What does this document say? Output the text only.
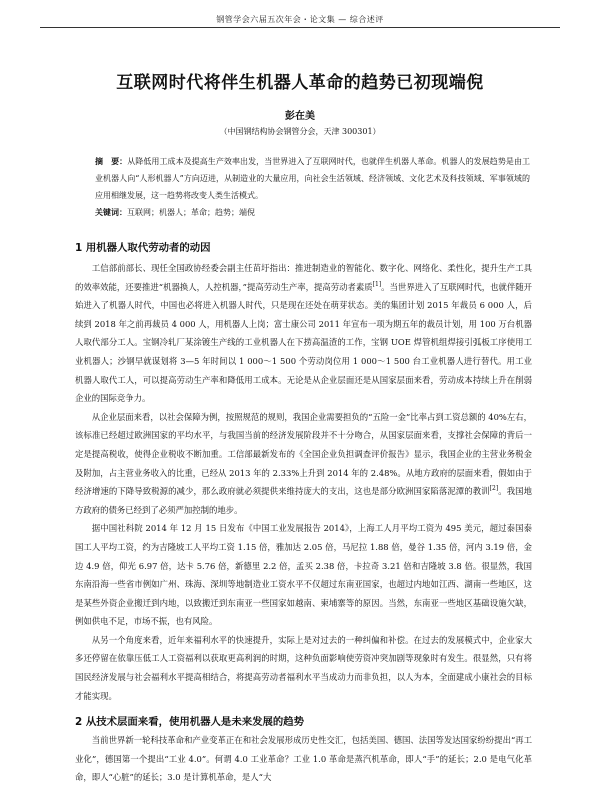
钢管学会六届五次年会・论文集 — 综合述评
互联网时代将伴生机器人革命的趋势已初现端倪
彭在美
（中国钢结构协会钢管分会，天津 300301）

摘　要：从降低用工成本及提高生产效率出发，当世界进入了互联网时代，也就伴生机器人革命。机器人的发展趋势是由工业机器人向“人形机器人”方向迈进，从制造业的大量应用，向社会生活领域、经济领域、文化艺术及科技领域、军事领域的应用相继发展，这一趋势将改变人类生活模式。

关键词：互联网；机器人；革命；趋势；端倪

1 用机器人取代劳动者的动因

工信部前部长、现任全国政协经委会副主任苗圩指出：推进制造业的智能化、数字化、网络化、柔性化，提升生产工具的效率效能，还要推进“机器换人，人控机器，”提高劳动生产率，提高劳动者素质[1]。当世界进入了互联网时代，也就伴随开始进入了机器人时代，中国也必将进入机器人时代，只是现在还处在萌芽状态。美的集团计划 2015 年裁员 6 000 人，后续到 2018 年之前再裁员 4 000 人，用机器人上岗；富士康公司 2011 年宣布一项为期五年的裁员计划，用 100 万台机器人取代部分工人。宝钢冷轧厂某涂镀生产线的工业机器人在下捞高温渣的工作，宝钢 UOE 焊管机组焊接引弧板工序使用工业机器人；沙钢早就谋划将 3—5 年时间以 1 000～1 500 个劳动岗位用 1 000～1 500 台工业机器人进行替代。用工业机器人取代工人，可以提高劳动生产率和降低用工成本。无论是从企业层面还是从国家层面来看，劳动成本持续上升在削弱企业的国际竞争力。

从企业层面来看，以社会保障为例，按照规范的规则，我国企业需要担负的“五险一金”比率占到工资总额的 40%左右，该标准已经超过欧洲国家的平均水平，与我国当前的经济发展阶段并不十分吻合，从国家层面来看，支撑社会保障的背后一定是提高税收，使得企业税收不断加重。工信部最新发布的《全国企业负担调查评价报告》显示，我国企业的主营业务税金及附加，占主营业务收入的比重，已经从 2013 年的 2.33%上升到 2014 年的 2.48%。从地方政府的层面来看，假如由于经济增速的下降导致税源的减少，那么政府就必须提供来维持庞大的支出，这也是部分欧洲国家陷落泥潭的教训[2]。我国地方政府的债务已经到了必须严加控制的地步。

据中国社科院 2014 年 12 月 15 日发布《中国工业发展报告 2014》，上海工人月平均工资为 495 美元，超过泰国泰国工人平均工资，约为吉隆坡工人平均工资 1.15 倍，雅加达 2.05 倍，马尼拉 1.88 倍，曼谷 1.35 倍，河内 3.19 倍，金边 4.9 倍，仰光 6.97 倍，达卡 5.76 倍，新德里 2.2 倍，孟买 2.38 倍，卡拉奇 3.21 倍和吉隆坡 3.8 倍。很显然，我国东南沿海一些省市例如广州、珠海、深圳等地制造业工资水平不仅超过东南亚国家，也超过内地如江西、湖南一些地区，这是某些外资企业搬迁到内地，以致搬迁到东南亚一些国家如越南、柬埔寨等的原因。当然，东南亚一些地区基础设施欠缺，例如供电不足，市场不振，也有风险。

从另一个角度来看，近年来福利水平的快速提升，实际上是对过去的一种纠偏和补偿。在过去的发展模式中，企业家大多还停留在依靠压低工人工资福利以获取更高利润的时期，这种负面影响使劳资冲突加剧等现象时有发生。很显然，只有将国民经济发展与社会福利水平提高相结合，将提高劳动者福利水平当成动力而非负担，以人为本，全面建成小康社会的目标才能实现。

2 从技术层面来看，使用机器人是未来发展的趋势

当前世界新一轮科技革命和产业变革正在和社会发展形成历史性交汇，包括美国、德国、法国等发达国家纷纷提出“再工业化”，德国第一个提出“工业 4.0”。何谓 4.0 工业革命？工业 1.0 革命是蒸汽机革命，即人“手”的延长；2.0 是电气化革命，即人“心脏”的延长；3.0 是计算机革命，是人“大
